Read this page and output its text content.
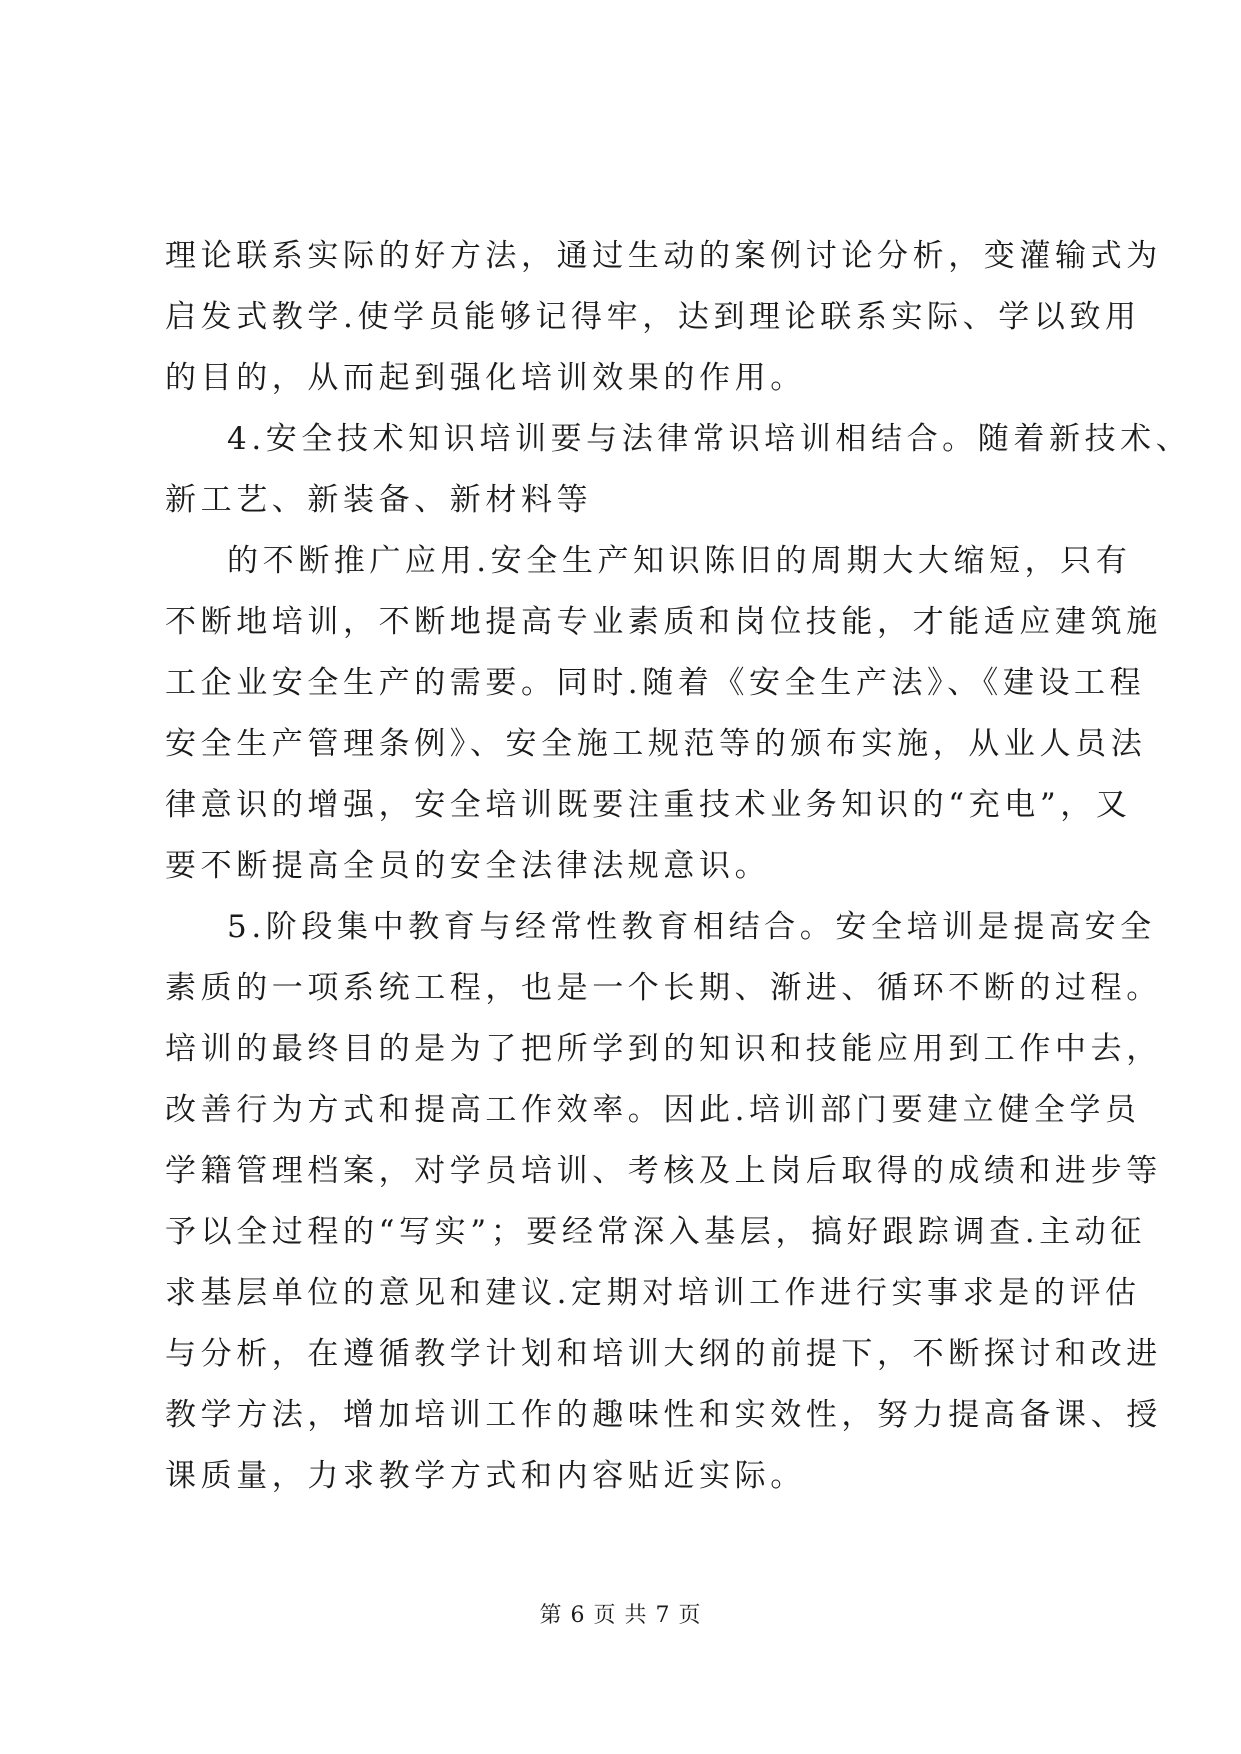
理论联系实际的好方法，通过生动的案例讨论分析，变灌输式为
启发式教学.使学员能够记得牢，达到理论联系实际、学以致用
的目的，从而起到强化培训效果的作用。
4.安全技术知识培训要与法律常识培训相结合。随着新技术、
新工艺、新装备、新材料等
的不断推广应用.安全生产知识陈旧的周期大大缩短，只有
不断地培训，不断地提高专业素质和岗位技能，才能适应建筑施
工企业安全生产的需要。同时.随着《安全生产法》、《建设工程
安全生产管理条例》、安全施工规范等的颁布实施，从业人员法
律意识的增强，安全培训既要注重技术业务知识的“充电”，又
要不断提高全员的安全法律法规意识。
5.阶段集中教育与经常性教育相结合。安全培训是提高安全
素质的一项系统工程，也是一个长期、渐进、循环不断的过程。
培训的最终目的是为了把所学到的知识和技能应用到工作中去，
改善行为方式和提高工作效率。因此.培训部门要建立健全学员
学籍管理档案，对学员培训、考核及上岗后取得的成绩和进步等
予以全过程的“写实”；要经常深入基层，搞好跟踪调查.主动征
求基层单位的意见和建议.定期对培训工作进行实事求是的评估
与分析，在遵循教学计划和培训大纲的前提下，不断探讨和改进
教学方法，增加培训工作的趣味性和实效性，努力提高备课、授
课质量，力求教学方式和内容贴近实际。
第 6 页 共 7 页
